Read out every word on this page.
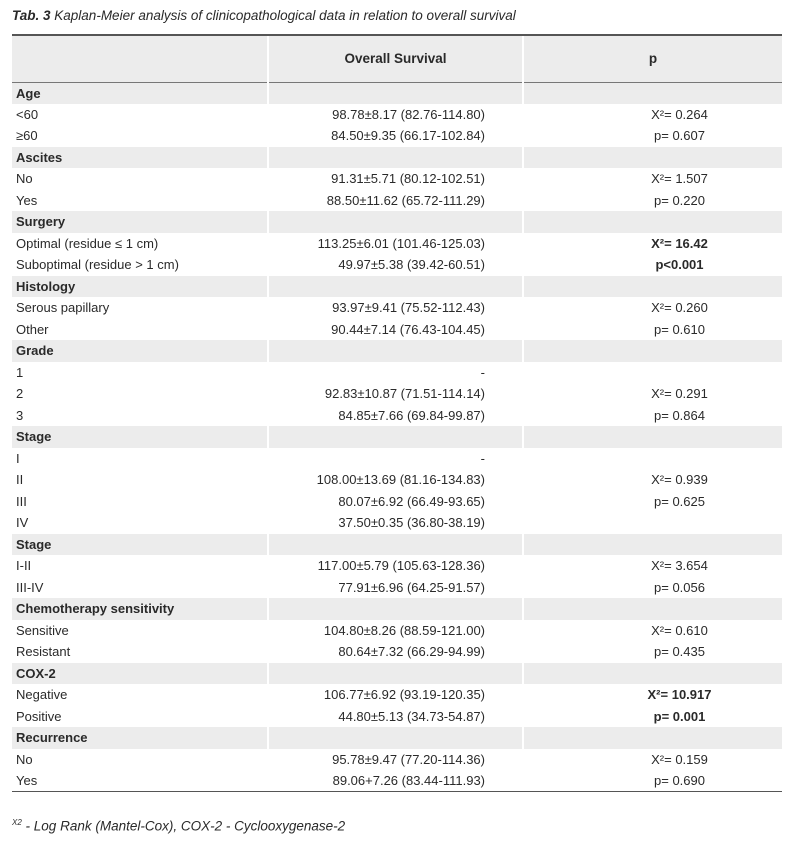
Tab. 3 Kaplan-Meier analysis of clinicopathological data in relation to overall survival
	Overall Survival	p
Age		
<60	98.78±8.17 (82.76-114.80)	X²= 0.264
≥60	84.50±9.35 (66.17-102.84)	p= 0.607
Ascites		
No	91.31±5.71 (80.12-102.51)	X²= 1.507
Yes	88.50±11.62 (65.72-111.29)	p= 0.220
Surgery		
Optimal (residue ≤ 1 cm)	113.25±6.01 (101.46-125.03)	X²= 16.42
Suboptimal (residue > 1 cm)	49.97±5.38 (39.42-60.51)	p<0.001
Histology		
Serous papillary	93.97±9.41 (75.52-112.43)	X²= 0.260
Other	90.44±7.14 (76.43-104.45)	p= 0.610
Grade		
1	-	
2	92.83±10.87 (71.51-114.14)	X²= 0.291
3	84.85±7.66 (69.84-99.87)	p= 0.864
Stage		
I	-	
II	108.00±13.69 (81.16-134.83)	X²= 0.939
III	80.07±6.92 (66.49-93.65)	p= 0.625
IV	37.50±0.35 (36.80-38.19)	
Stage		
I-II	117.00±5.79 (105.63-128.36)	X²= 3.654
III-IV	77.91±6.96 (64.25-91.57)	p= 0.056
Chemotherapy sensitivity		
Sensitive	104.80±8.26 (88.59-121.00)	X²= 0.610
Resistant	80.64±7.32 (66.29-94.99)	p= 0.435
COX-2		
Negative	106.77±6.92 (93.19-120.35)	X²= 10.917
Positive	44.80±5.13 (34.73-54.87)	p= 0.001
Recurrence		
No	95.78±9.47 (77.20-114.36)	X²= 0.159
Yes	89.06+7.26 (83.44-111.93)	p= 0.690
$^{X2}$ - Log Rank (Mantel-Cox), COX-2 - Cyclooxygenase-2
